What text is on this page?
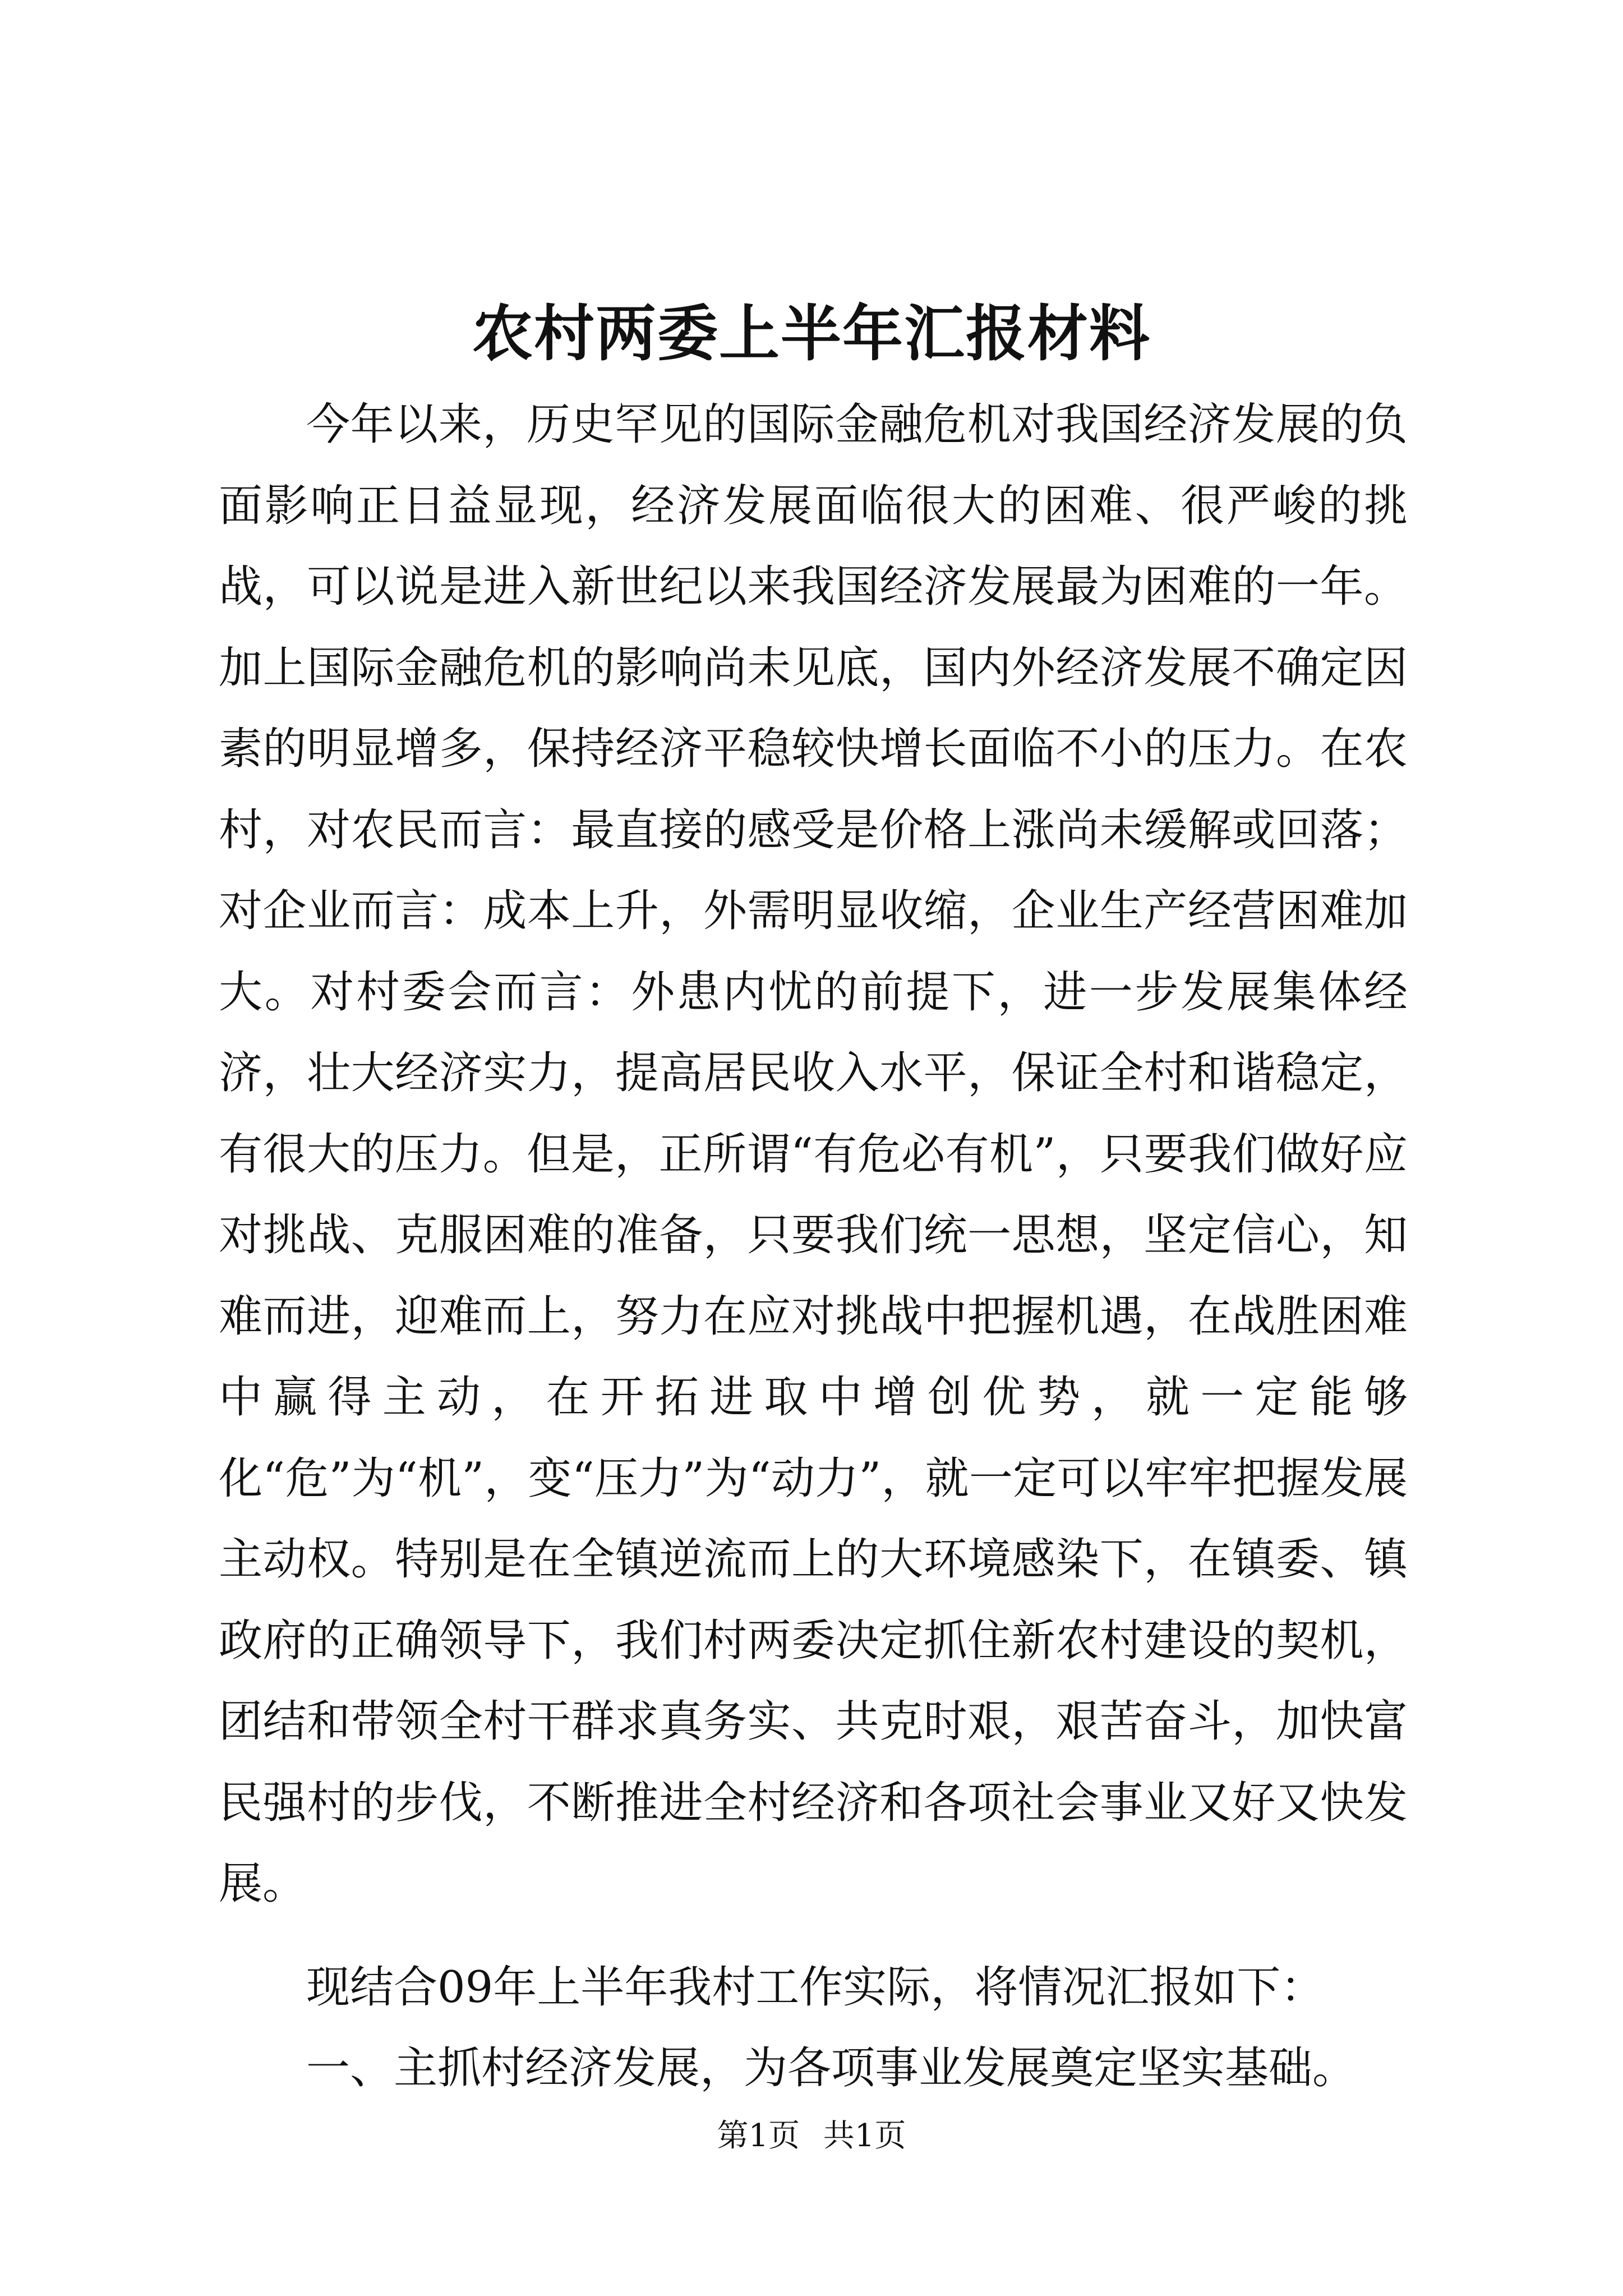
农村两委上半年汇报材料

今年以来，历史罕见的国际金融危机对我国经济发展的负面影响正日益显现，经济发展面临很大的困难、很严峻的挑战，可以说是进入新世纪以来我国经济发展最为困难的一年。加上国际金融危机的影响尚未见底，国内外经济发展不确定因素的明显增多，保持经济平稳较快增长面临不小的压力。在农村，对农民而言：最直接的感受是价格上涨尚未缓解或回落；对企业而言：成本上升，外需明显收缩，企业生产经营困难加大。对村委会而言：外患内忧的前提下，进一步发展集体经济，壮大经济实力，提高居民收入水平，保证全村和谐稳定，有很大的压力。但是，正所谓“有危必有机”，只要我们做好应对挑战、克服困难的准备，只要我们统一思想，坚定信心，知难而进，迎难而上，努力在应对挑战中把握机遇，在战胜困难中赢得主动，在开拓进取中增创优势，就一定能够化“危”为“机”，变“压力”为“动力”，就一定可以牢牢把握发展主动权。特别是在全镇逆流而上的大环境感染下，在镇委、镇政府的正确领导下，我们村两委决定抓住新农村建设的契机，团结和带领全村干群求真务实、共克时艰，艰苦奋斗，加快富民强村的步伐，不断推进全村经济和各项社会事业又好又快发展。

现结合09年上半年我村工作实际，将情况汇报如下：

一、主抓村经济发展，为各项事业发展奠定坚实基础。

第1页 共1页
